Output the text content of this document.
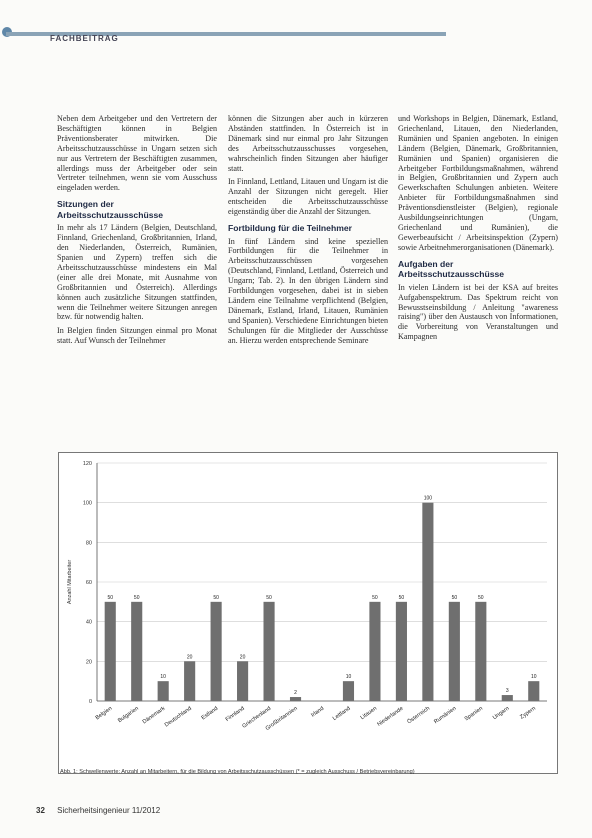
FACHBEITRAG

Neben dem Arbeitgeber und den Vertretern der Beschäftigten können in Belgien Präventionsberater mitwirken. Die Arbeitsschutzausschüsse in Ungarn setzen sich nur aus Vertretern der Beschäftigten zusammen, allerdings muss der Arbeitgeber oder sein Vertreter teilnehmen, wenn sie vom Ausschuss eingeladen werden.

Sitzungen der Arbeitsschutzausschüsse

In mehr als 17 Ländern (Belgien, Deutschland, Finnland, Griechenland, Großbritannien, Irland, den Niederlanden, Österreich, Rumänien, Spanien und Zypern) treffen sich die Arbeitsschutzausschüsse mindestens ein Mal (einer alle drei Monate, mit Ausnahme von Großbritannien und Österreich). Allerdings können auch zusätzliche Sitzungen stattfinden, wenn die Teilnehmer weitere Sitzungen anregen bzw. für notwendig halten.

In Belgien finden Sitzungen einmal pro Monat statt. Auf Wunsch der Teilnehmer

können die Sitzungen aber auch in kürzeren Abständen stattfinden. In Österreich ist in Dänemark sind nur einmal pro Jahr Sitzungen des Arbeitsschutzausschusses vorgesehen, wahrscheinlich finden Sitzungen aber häufiger statt.

In Finnland, Lettland, Litauen und Ungarn ist die Anzahl der Sitzungen nicht geregelt. Hier entscheiden die Arbeitsschutzausschüsse eigenständig über die Anzahl der Sitzungen.

Fortbildung für die Teilnehmer

In fünf Ländern sind keine speziellen Fortbildungen für die Teilnehmer in Arbeitsschutzausschüssen vorgesehen (Deutschland, Finnland, Lettland, Österreich und Ungarn; Tab. 2). In den übrigen Ländern sind Fortbildungen vorgesehen, dabei ist in sieben Ländern eine Teilnahme verpflichtend (Belgien, Dänemark, Estland, Irland, Litauen, Rumänien und Spanien). Verschiedene Einrichtungen bieten Schulungen für die Mitglieder der Ausschüsse an. Hierzu werden entsprechende Seminare

und Workshops in Belgien, Dänemark, Estland, Griechenland, Litauen, den Niederlanden, Rumänien und Spanien angeboten. In einigen Ländern (Belgien, Dänemark, Großbritannien, Rumänien und Spanien) organisieren die Arbeitgeber Fortbildungsmaßnahmen, während in Belgien, Großbritannien und Zypern auch Gewerkschaften Schulungen anbieten. Weitere Anbieter für Fortbildungsmaßnahmen sind Präventionsdienstleister (Belgien), regionale Ausbildungseinrichtungen (Ungarn, Griechenland und Rumänien), die Gewerbeaufsicht / Arbeitsinspektion (Zypern) sowie Arbeitnehmerorganisationen (Dänemark).

Aufgaben der Arbeitsschutzausschüsse

In vielen Ländern ist bei der KSA auf breites Aufgabenspektrum. Das Spektrum reicht von Bewusstseinsbildung / Anleitung "awareness raising") über den Austausch von Informationen, die Vorbereitung von Veranstaltungen und Kampagnen

0
20
40
60
80
100
120
Anzahl Mitarbeiter	50
Belgien
50
Bulgarien
10
Dänemark
20
Deutschland
50
Estland
20
Finnland
50
Griechenland
2
Großbritannien Irland
10
Lettland
50
Litauen
50
Niederlande
100
Österreich
50
Rumänien
50
Spanien
3
Ungarn
10
Zypern
Abb. 1: Schwellenwerte: Anzahl an Mitarbeitern, für die Bildung von Arbeitsschutzausschüssen (* = zugleich Ausschuss / Betriebsvereinbarung)
32 Sicherheitsingenieur 11/2012
